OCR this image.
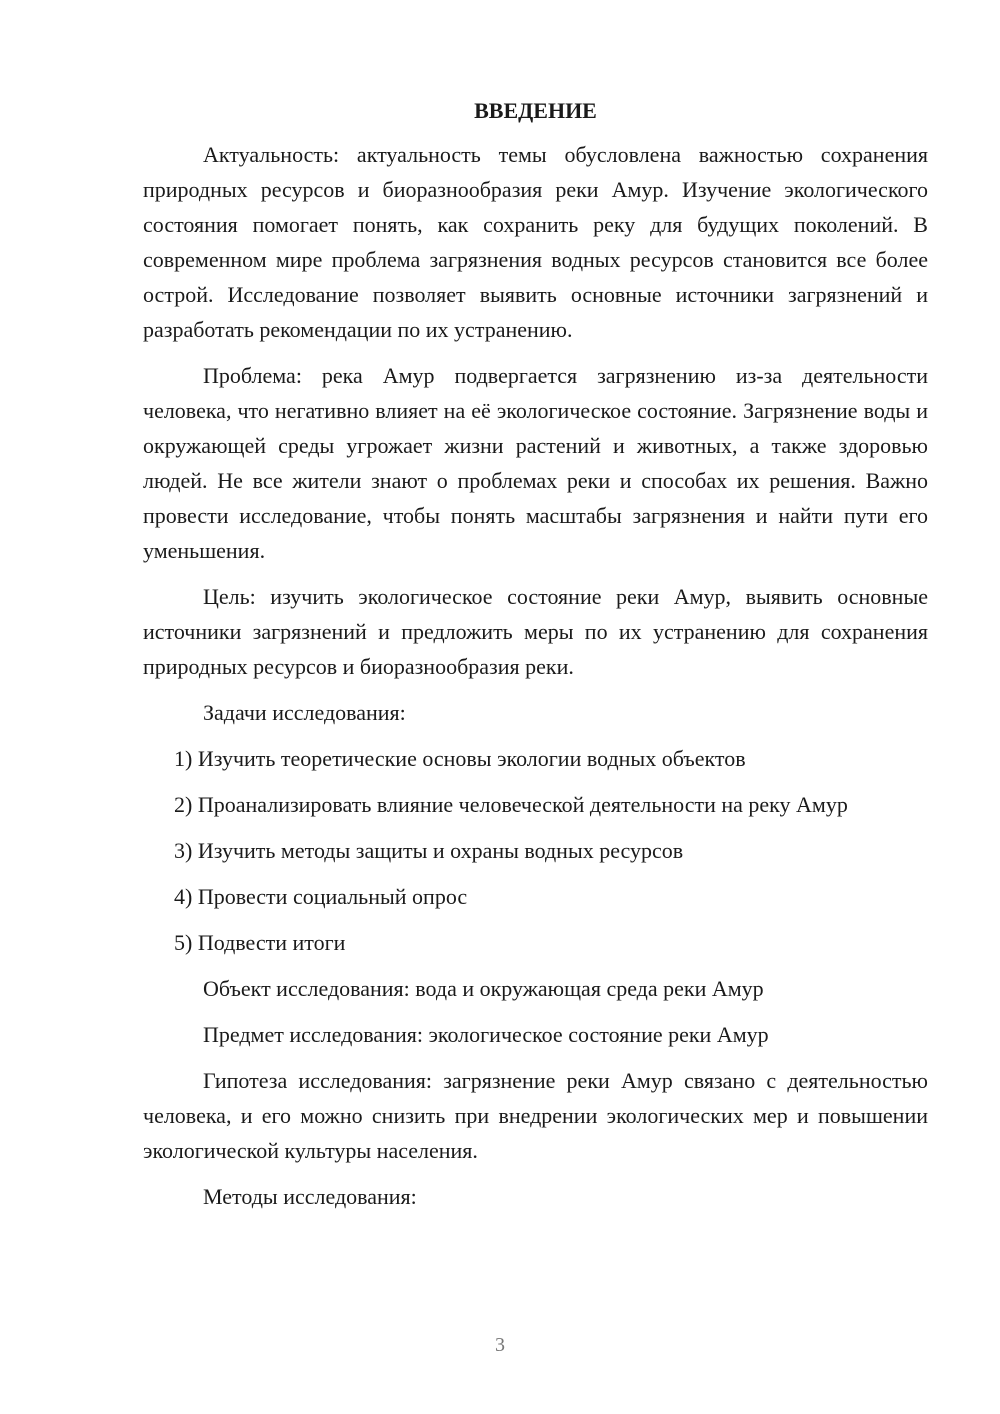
ВВЕДЕНИЕ

Актуальность: актуальность темы обусловлена важностью сохранения природных ресурсов и биоразнообразия реки Амур. Изучение экологического состояния помогает понять, как сохранить реку для будущих поколений. В современном мире проблема загрязнения водных ресурсов становится все более острой. Исследование позволяет выявить основные источники загрязнений и разработать рекомендации по их устранению.

Проблема: река Амур подвергается загрязнению из-за деятельности человека, что негативно влияет на её экологическое состояние. Загрязнение воды и окружающей среды угрожает жизни растений и животных, а также здоровью людей. Не все жители знают о проблемах реки и способах их решения. Важно провести исследование, чтобы понять масштабы загрязнения и найти пути его уменьшения.

Цель: изучить экологическое состояние реки Амур, выявить основные источники загрязнений и предложить меры по их устранению для сохранения природных ресурсов и биоразнообразия реки.

Задачи исследования:

1) Изучить теоретические основы экологии водных объектов

2) Проанализировать влияние человеческой деятельности на реку Амур

3) Изучить методы защиты и охраны водных ресурсов

4) Провести социальный опрос

5) Подвести итоги

Объект исследования: вода и окружающая среда реки Амур

Предмет исследования: экологическое состояние реки Амур

Гипотеза исследования: загрязнение реки Амур связано с деятельностью человека, и его можно снизить при внедрении экологических мер и повышении экологической культуры населения.

Методы исследования:

3
